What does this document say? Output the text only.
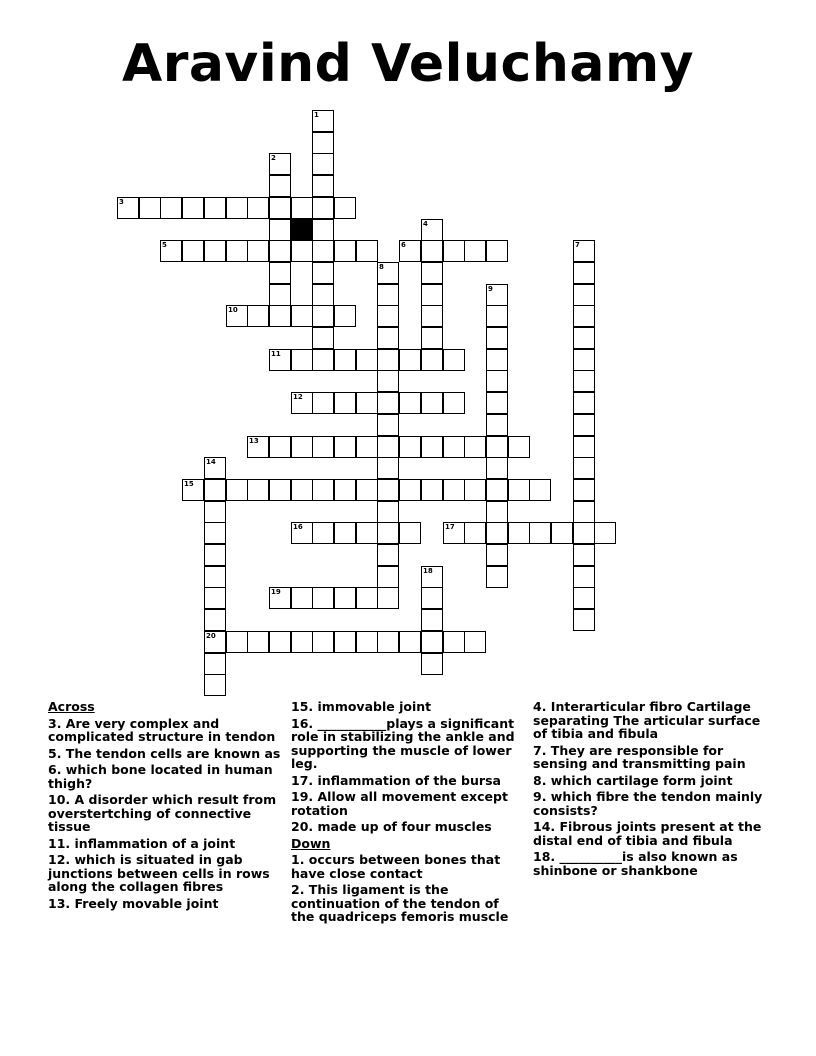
Aravind Veluchamy
1
2
3
4
5	6	7
8
9
10
11
12
13
14
20
15
16	17
18
19
Across
3. Are very complex and complicated structure in tendon
5. The tendon cells are known as
6. which bone located in human thigh?
10. A disorder which result from overstertching of connective tissue
11. inflammation of a joint
12. which is situated in gab junctions between cells in rows along the collagen fibres
13. Freely movable joint
15. immovable joint
16. ___________plays a significant role in stabilizing the ankle and supporting the muscle of lower leg.
17. inflammation of the bursa
19. Allow all movement except rotation
20. made up of four muscles
Down
1. occurs between bones that have close contact
2. This ligament is the continuation of the tendon of the quadriceps femoris muscle
4. Interarticular fibro Cartilage separating The articular surface of tibia and fibula
7. They are responsible for sensing and transmitting pain
8. which cartilage form joint
9. which fibre the tendon mainly consists?
14. Fibrous joints present at the distal end of tibia and fibula
18. __________is also known as shinbone or shankbone
